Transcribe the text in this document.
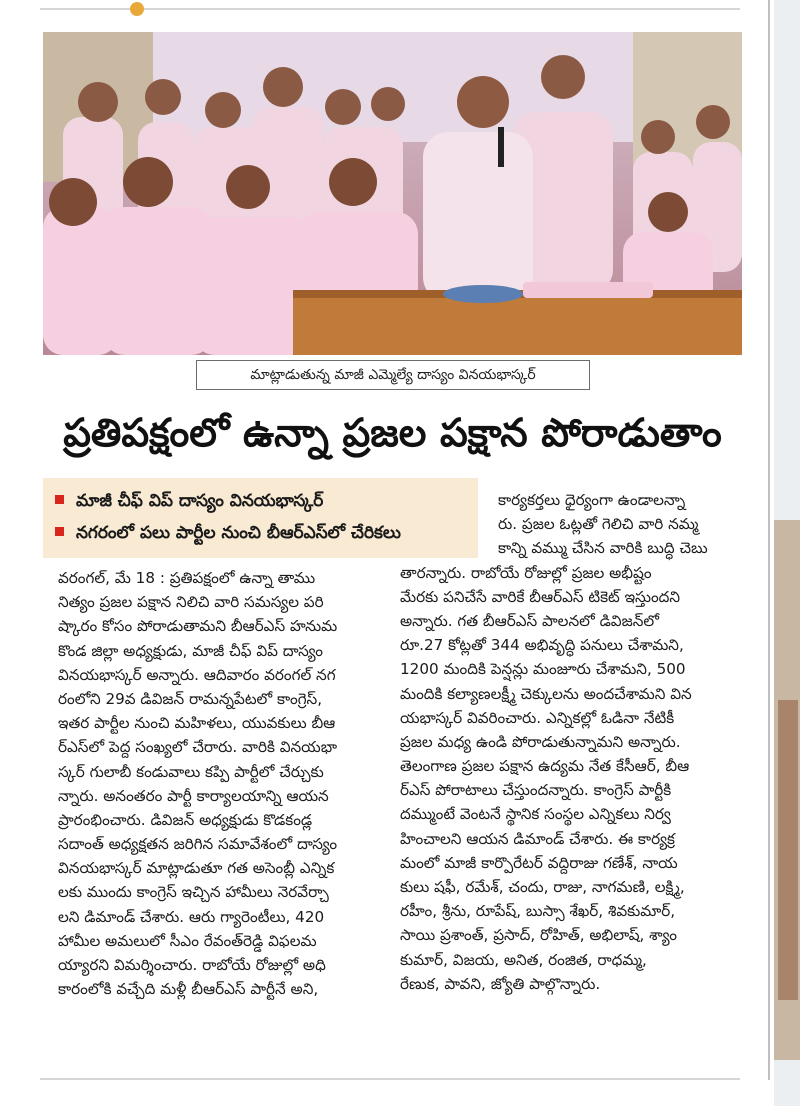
మాట్లాడుతున్న మాజీ ఎమ్మెల్యే దాస్యం వినయభాస్కర్
ప్రతిపక్షంలో ఉన్నా ప్రజల పక్షాన పోరాడుతాం
మాజీ చీఫ్ విప్ దాస్యం వినయభాస్కర్
నగరంలో పలు పార్టీల నుంచి బీఆర్ఎస్‌లో చేరికలు
వరంగల్, మే 18 : ప్రతిపక్షంలో ఉన్నా తాము
నిత్యం ప్రజల పక్షాన నిలిచి వారి సమస్యల పరి
ష్కారం కోసం పోరాడుతామని బీఆర్ఎస్ హనుమ
కొండ జిల్లా అధ్యక్షుడు, మాజీ చీఫ్ విప్ దాస్యం
వినయభాస్కర్ అన్నారు. ఆదివారం వరంగల్ నగ
రంలోని 29వ డివిజన్ రామన్నపేటలో కాంగ్రెస్,
ఇతర పార్టీల నుంచి మహిళలు, యువకులు బీఆ
ర్ఎస్‌లో పెద్ద సంఖ్యలో చేరారు. వారికి వినయభా
స్కర్ గులాబీ కండువాలు కప్పి పార్టీలో చేర్చుకు
న్నారు. అనంతరం పార్టీ కార్యాలయాన్ని ఆయన
ప్రారంభించారు. డివిజన్ అధ్యక్షుడు కొడకండ్ల
సదాంత్ అధ్యక్షతన జరిగిన సమావేశంలో దాస్యం
వినయభాస్కర్ మాట్లాడుతూ గత అసెంబ్లీ ఎన్నిక
లకు ముందు కాంగ్రెస్ ఇచ్చిన హామీలు నెరవేర్చా
లని డిమాండ్ చేశారు. ఆరు గ్యారెంటీలు, 420
హామీల అమలులో సీఎం రేవంత్‌రెడ్డి విఫలమ
య్యారని విమర్శించారు. రాబోయే రోజుల్లో అధి
కారంలోకి వచ్చేది మళ్లీ బీఆర్ఎస్ పార్టీనే అని,
కార్యకర్తలు ధైర్యంగా ఉండాలన్నా
రు. ప్రజల ఓట్లతో గెలిచి వారి నమ్మ
కాన్ని వమ్ము చేసిన వారికి బుద్ధి చెబు
తారన్నారు. రాబోయే రోజుల్లో ప్రజల అభీష్టం
మేరకు పనిచేసే వారికే బీఆర్ఎస్ టికెట్ ఇస్తుందని
అన్నారు. గత బీఆర్ఎస్ పాలనలో డివిజన్‌లో
రూ.27 కోట్లతో 344 అభివృద్ధి పనులు చేశామని,
1200 మందికి పెన్షన్లు మంజూరు చేశామని, 500
మందికి కల్యాణలక్ష్మీ చెక్కులను అందచేశామని విన
యభాస్కర్ వివరించారు. ఎన్నికల్లో ఓడినా నేటికీ
ప్రజల మధ్య ఉండి పోరాడుతున్నామని అన్నారు.
తెలంగాణ ప్రజల పక్షాన ఉద్యమ నేత కేసీఆర్, బీఆ
ర్ఎస్ పోరాటాలు చేస్తుందన్నారు. కాంగ్రెస్ పార్టీకి
దమ్ముంటే వెంటనే స్థానిక సంస్థల ఎన్నికలు నిర్వ
హించాలని ఆయన డిమాండ్ చేశారు. ఈ కార్యక్ర
మంలో మాజీ కార్పొరేటర్ వద్దిరాజు గణేశ్, నాయ
కులు షఫీ, రమేశ్, చందు, రాజు, నాగమణి, లక్ష్మి,
రహీం, శ్రీను, రూపేష్, బుస్సా శేఖర్, శివకుమార్,
సాయి ప్రశాంత్, ప్రసాద్, రోహిత్, అభిలాష్, శ్యాం
కుమార్, విజయ, అనిత, రంజిత, రాధమ్మ,
రేణుక, పావని, జ్యోతి పాల్గొన్నారు.
